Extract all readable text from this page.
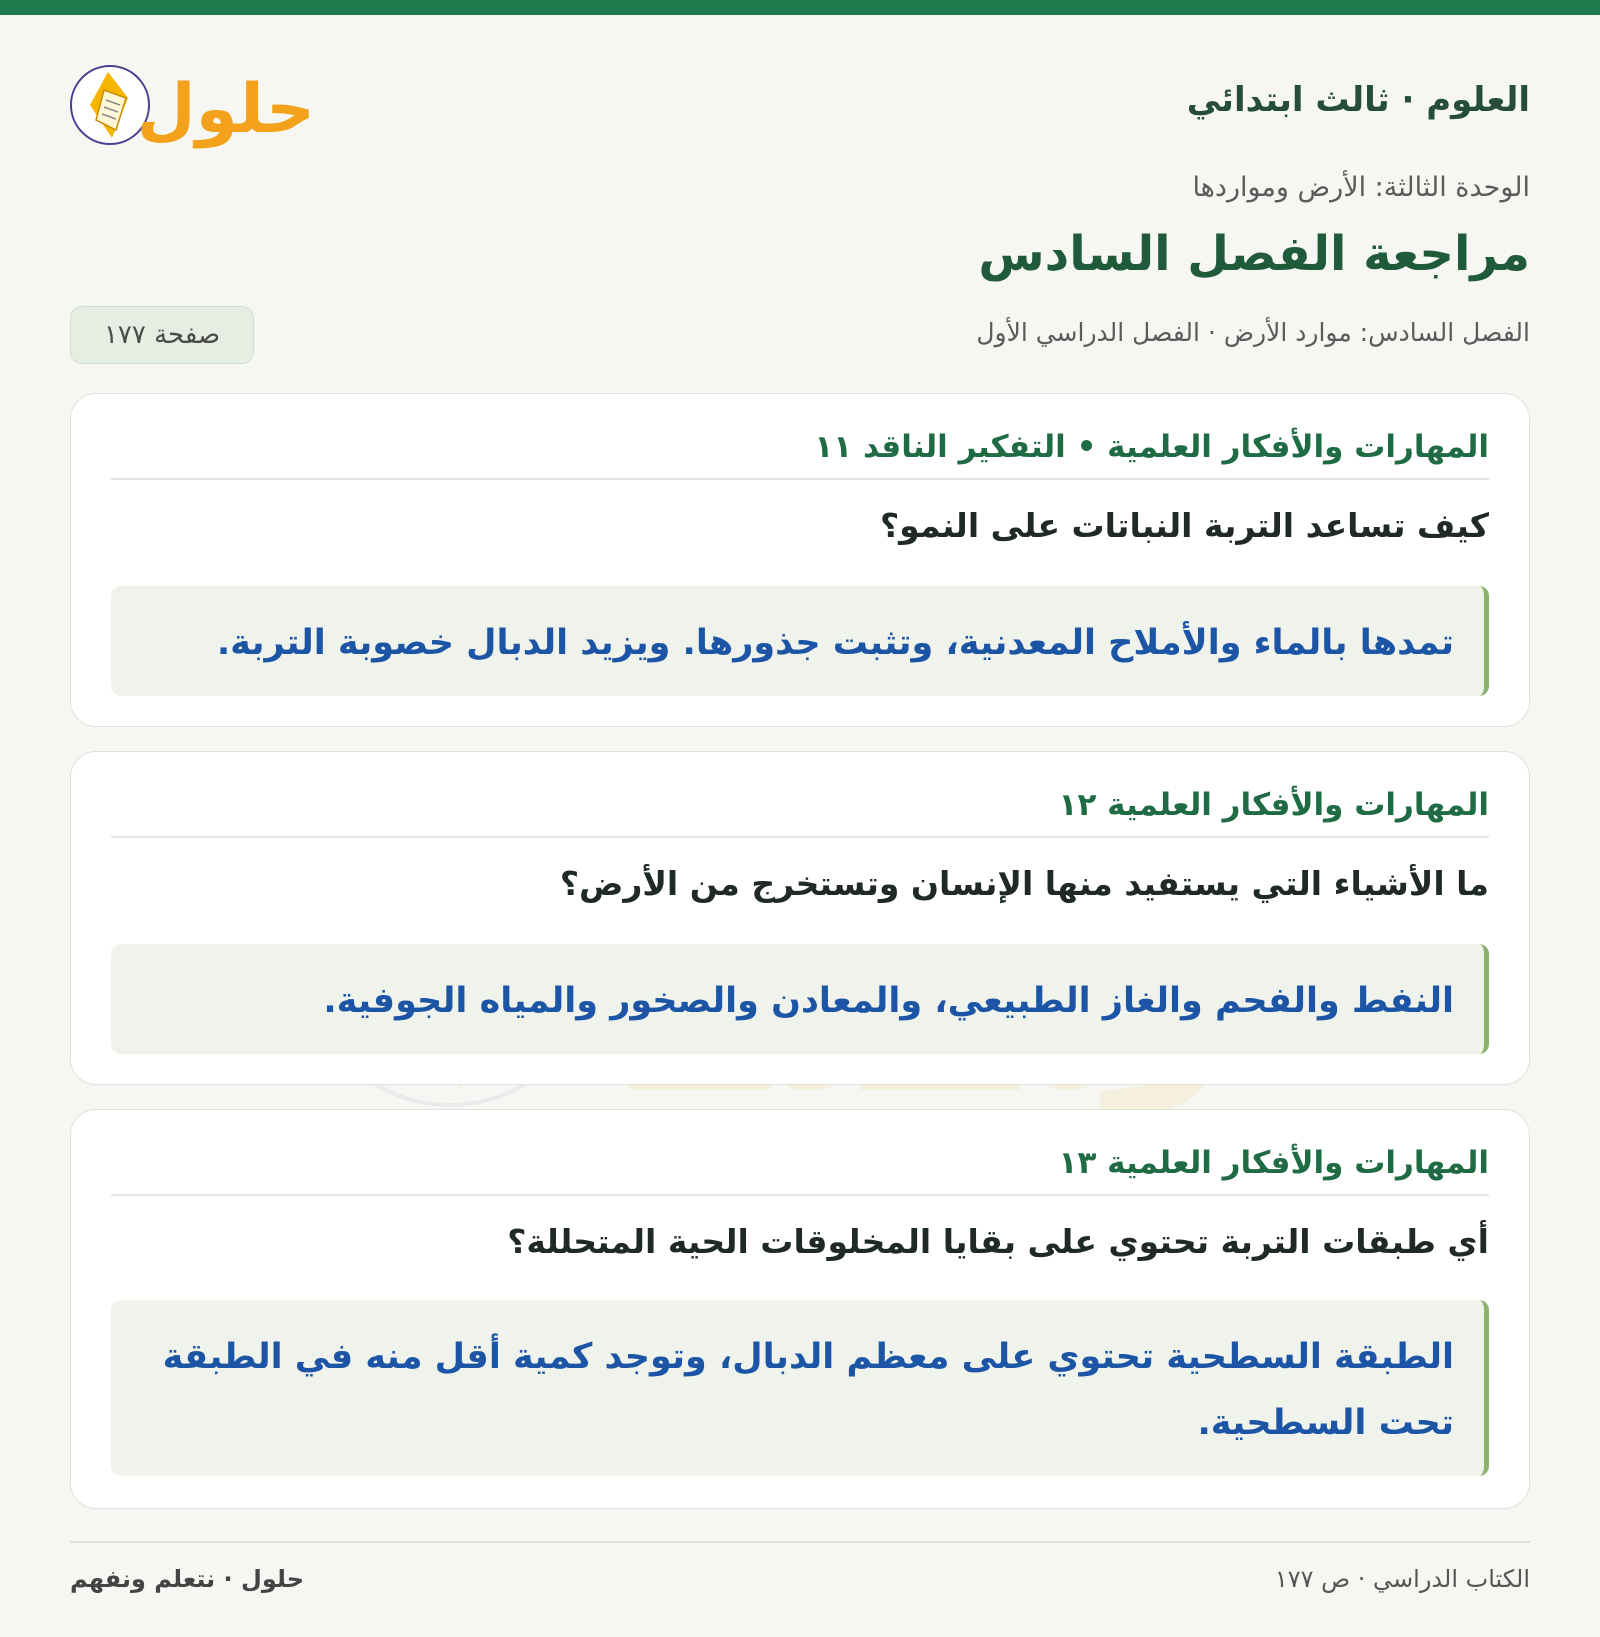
العلوم · ثالث ابتدائي
حلول
الوحدة الثالثة: الأرض ومواردها
مراجعة الفصل السادس
الفصل السادس: موارد الأرض · الفصل الدراسي الأول
صفحة ١٧٧
المهارات والأفكار العلمية • التفكير الناقد ١١
كيف تساعد التربة النباتات على النمو؟
تمدها بالماء والأملاح المعدنية، وتثبت جذورها. ويزيد الدبال خصوبة التربة.
المهارات والأفكار العلمية ١٢
ما الأشياء التي يستفيد منها الإنسان وتستخرج من الأرض؟
النفط والفحم والغاز الطبيعي، والمعادن والصخور والمياه الجوفية.
المهارات والأفكار العلمية ١٣
أي طبقات التربة تحتوي على بقايا المخلوقات الحية المتحللة؟
الطبقة السطحية تحتوي على معظم الدبال، وتوجد كمية أقل منه في الطبقة تحت السطحية.
الكتاب الدراسي · ص ١٧٧
حلول · نتعلم ونفهم
